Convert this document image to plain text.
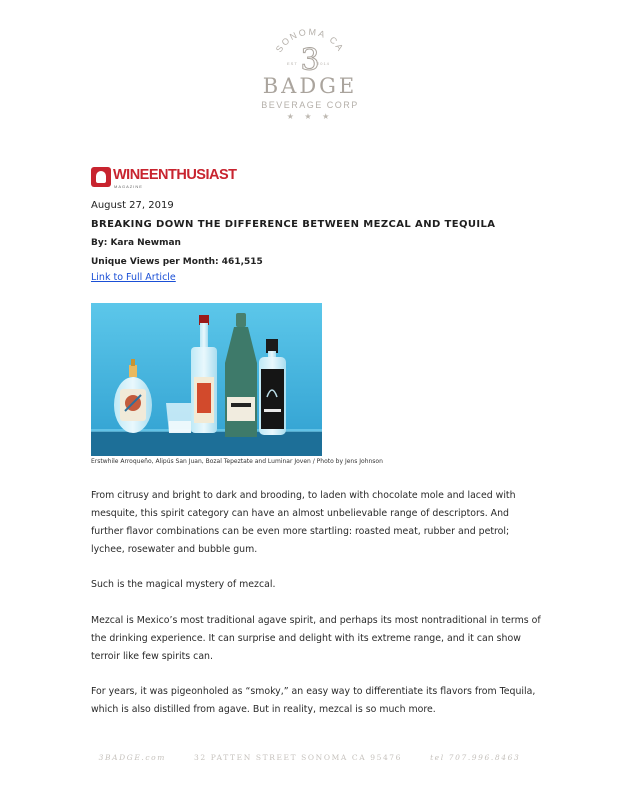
SONOMA CA
3
EST	2014
BADGE
BEVERAGE CORP
★ ★ ★
WINEENTHUSIAST
MAGAZINE
August 27, 2019
BREAKING DOWN THE DIFFERENCE BETWEEN MEZCAL AND TEQUILA
By: Kara Newman
Unique Views per Month: 461,515
Link to Full Article
Erstwhile Arroqueño, Alipús San Juan, Bozal Tepeztate and Luminar Joven / Photo by Jens Johnson
From citrusy and bright to dark and brooding, to laden with chocolate mole and laced with mesquite, this spirit category can have an almost unbelievable range of descriptors. And further flavor combinations can be even more startling: roasted meat, rubber and petrol; lychee, rosewater and bubble gum.
Such is the magical mystery of mezcal.
Mezcal is Mexico’s most traditional agave spirit, and perhaps its most nontraditional in terms of the drinking experience. It can surprise and delight with its extreme range, and it can show terroir like few spirits can.
For years, it was pigeonholed as “smoky,” an easy way to differentiate its flavors from Tequila, which is also distilled from agave. But in reality, mezcal is so much more.
3BADGE.com	32 PATTEN STREET SONOMA CA 95476	tel 707.996.8463
